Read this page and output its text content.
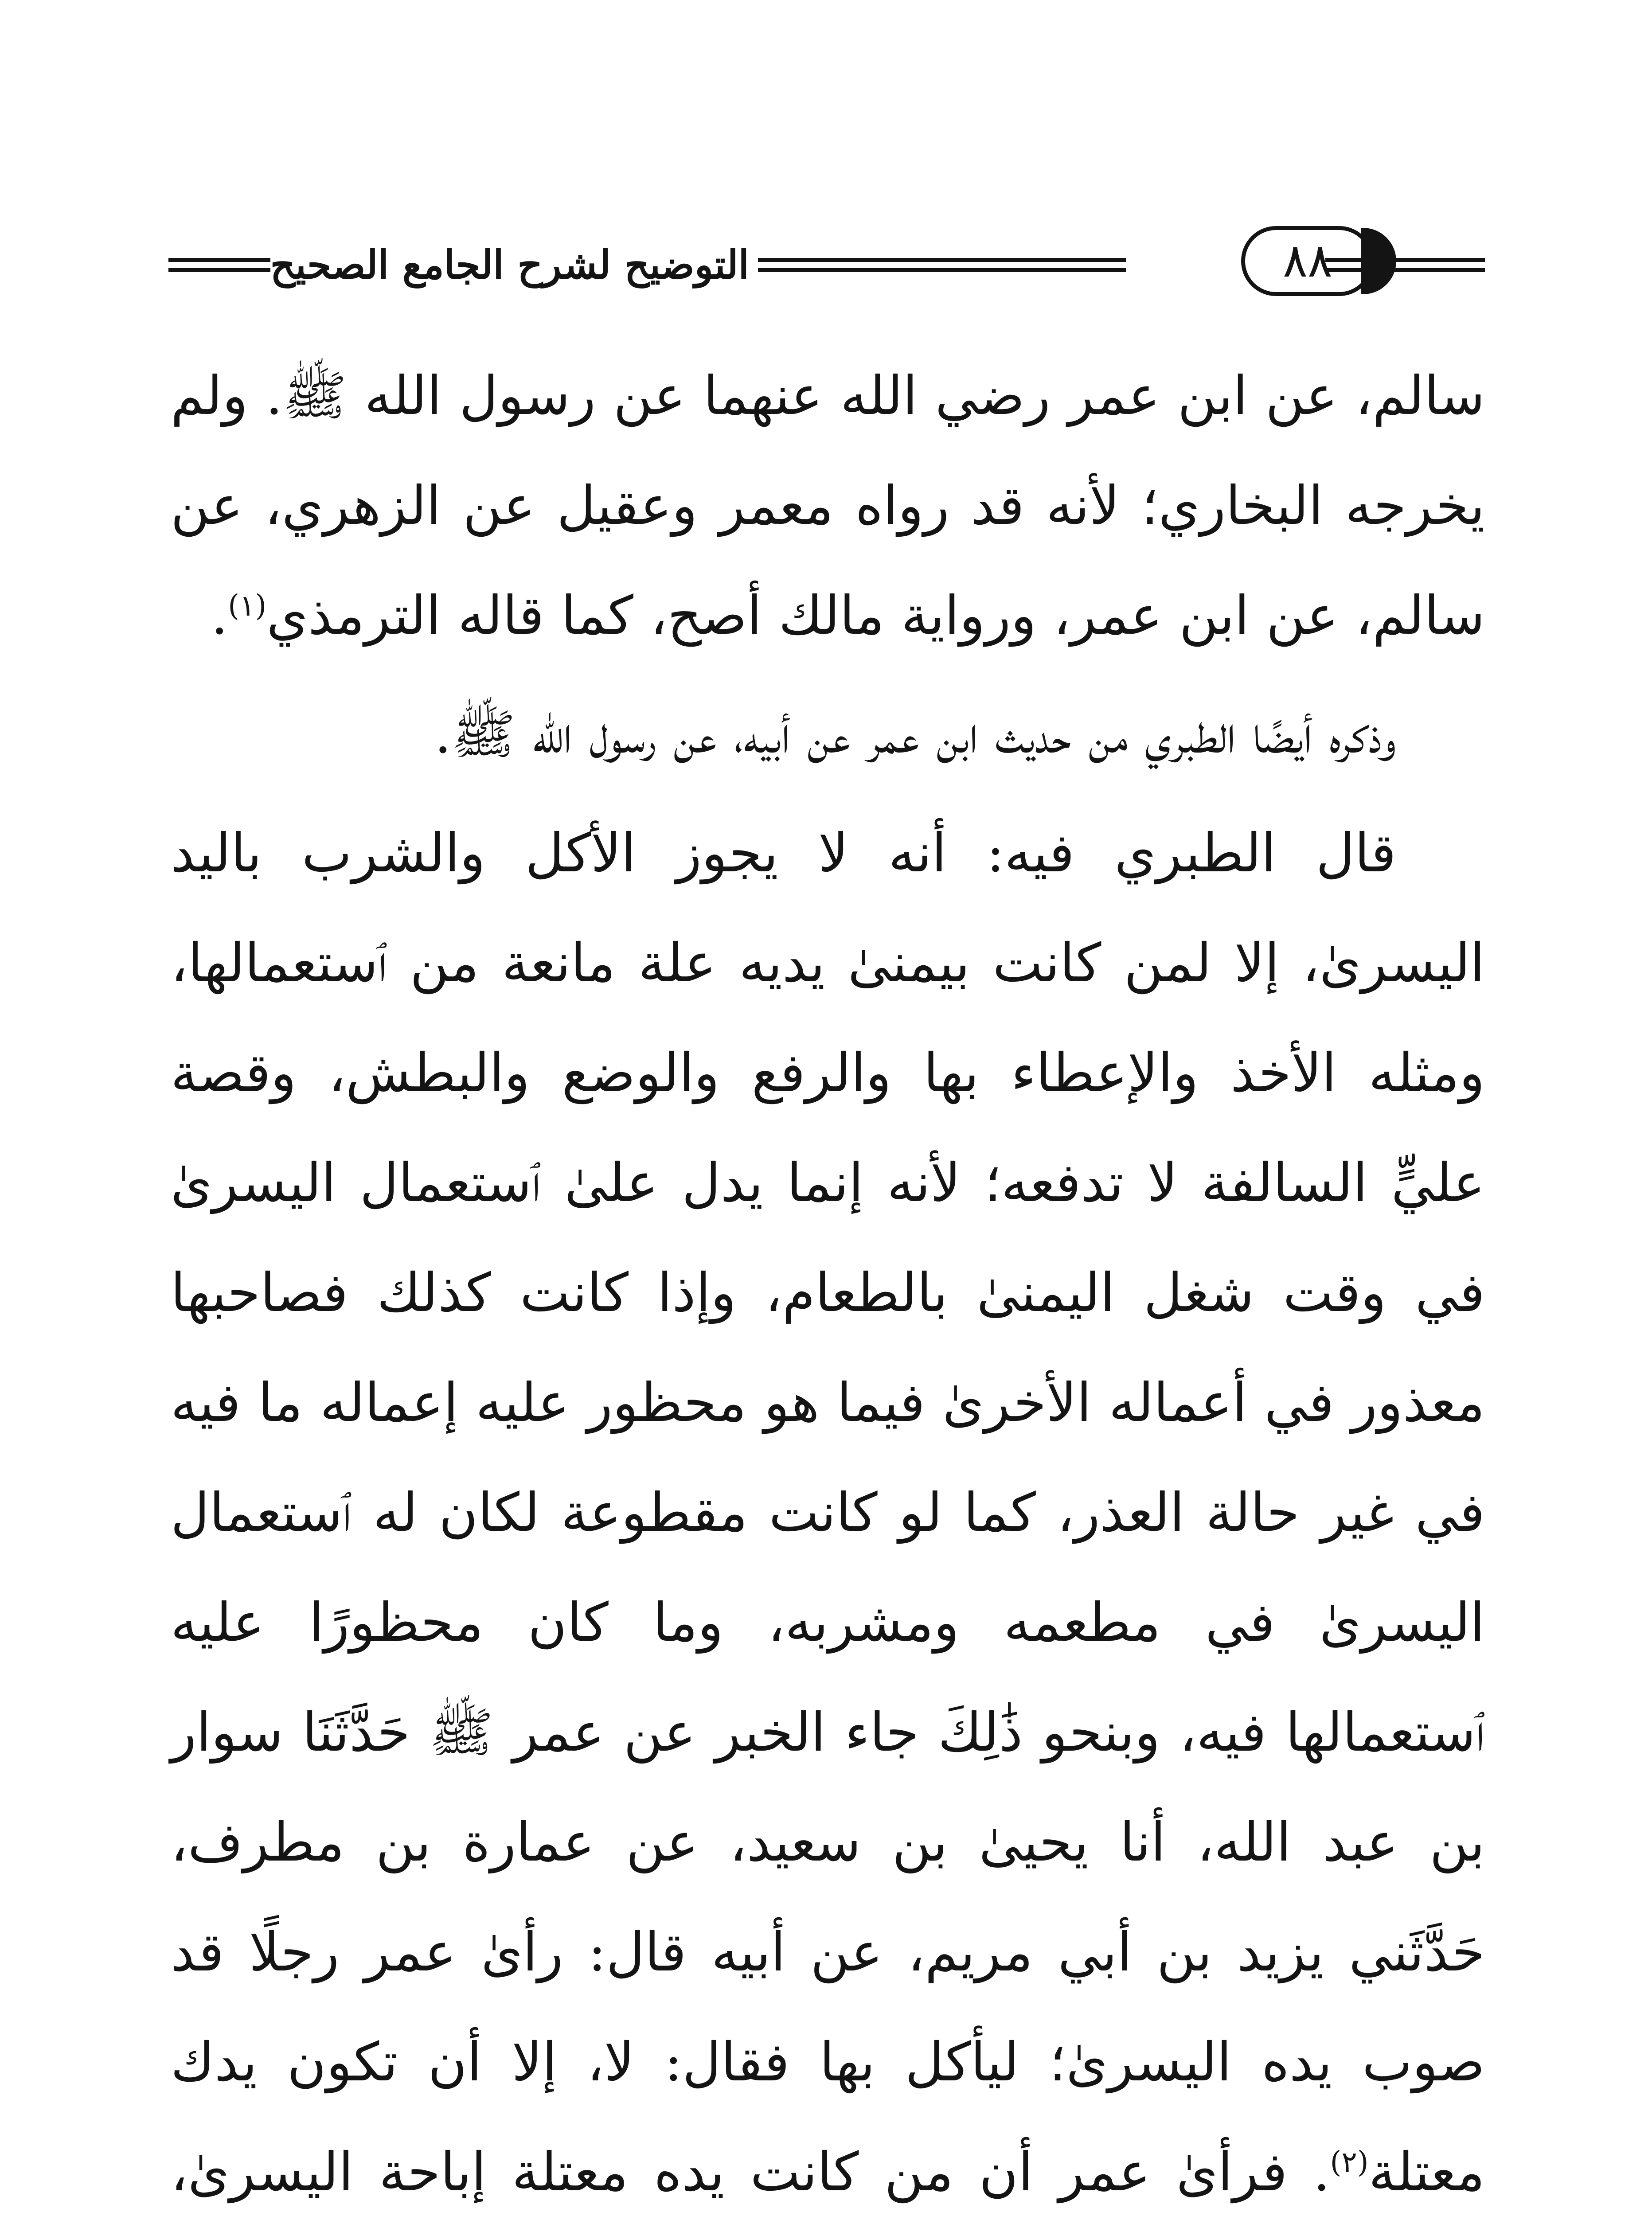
التوضيح لشرح الجامع الصحيح	٨٨

سالم، عن ابن عمر رضي الله عنهما عن رسول الله ﷺ. ولم يخرجه البخاري؛ لأنه قد رواه معمر وعقيل عن الزهري، عن سالم، عن ابن عمر، ورواية مالك أصح، كما قاله الترمذي$^{(١)}$.

وذكره أيضًا الطبري من حديث ابن عمر عن أبيه، عن رسول الله ﷺ.

قال الطبري فيه: أنه لا يجوز الأكل والشرب باليد اليسرىٰ، إلا لمن كانت بيمنىٰ يديه علة مانعة من ٱستعمالها، ومثله الأخذ والإعطاء بها والرفع والوضع والبطش، وقصة عليٍّ السالفة لا تدفعه؛ لأنه إنما يدل علىٰ ٱستعمال اليسرىٰ في وقت شغل اليمنىٰ بالطعام، وإذا كانت كذلك فصاحبها معذور في أعماله الأخرىٰ فيما هو محظور عليه إعماله ما فيه في غير حالة العذر، كما لو كانت مقطوعة لكان له ٱستعمال اليسرىٰ في مطعمه ومشربه، وما كان محظورًا عليه ٱستعمالها فيه، وبنحو ذَٰلِكَ جاء الخبر عن عمر ﷺ حَدَّثَنَا سوار بن عبد الله، أنا يحيىٰ بن سعيد، عن عمارة بن مطرف، حَدَّثَني يزيد بن أبي مريم، عن أبيه قال: رأىٰ عمر رجلًا قد صوب يده اليسرىٰ؛ ليأكل بها فقال: لا، إلا أن تكون يدك معتلة$^{(٢)}$. فرأىٰ عمر أن من كانت يده معتلة إباحة اليسرىٰ،
